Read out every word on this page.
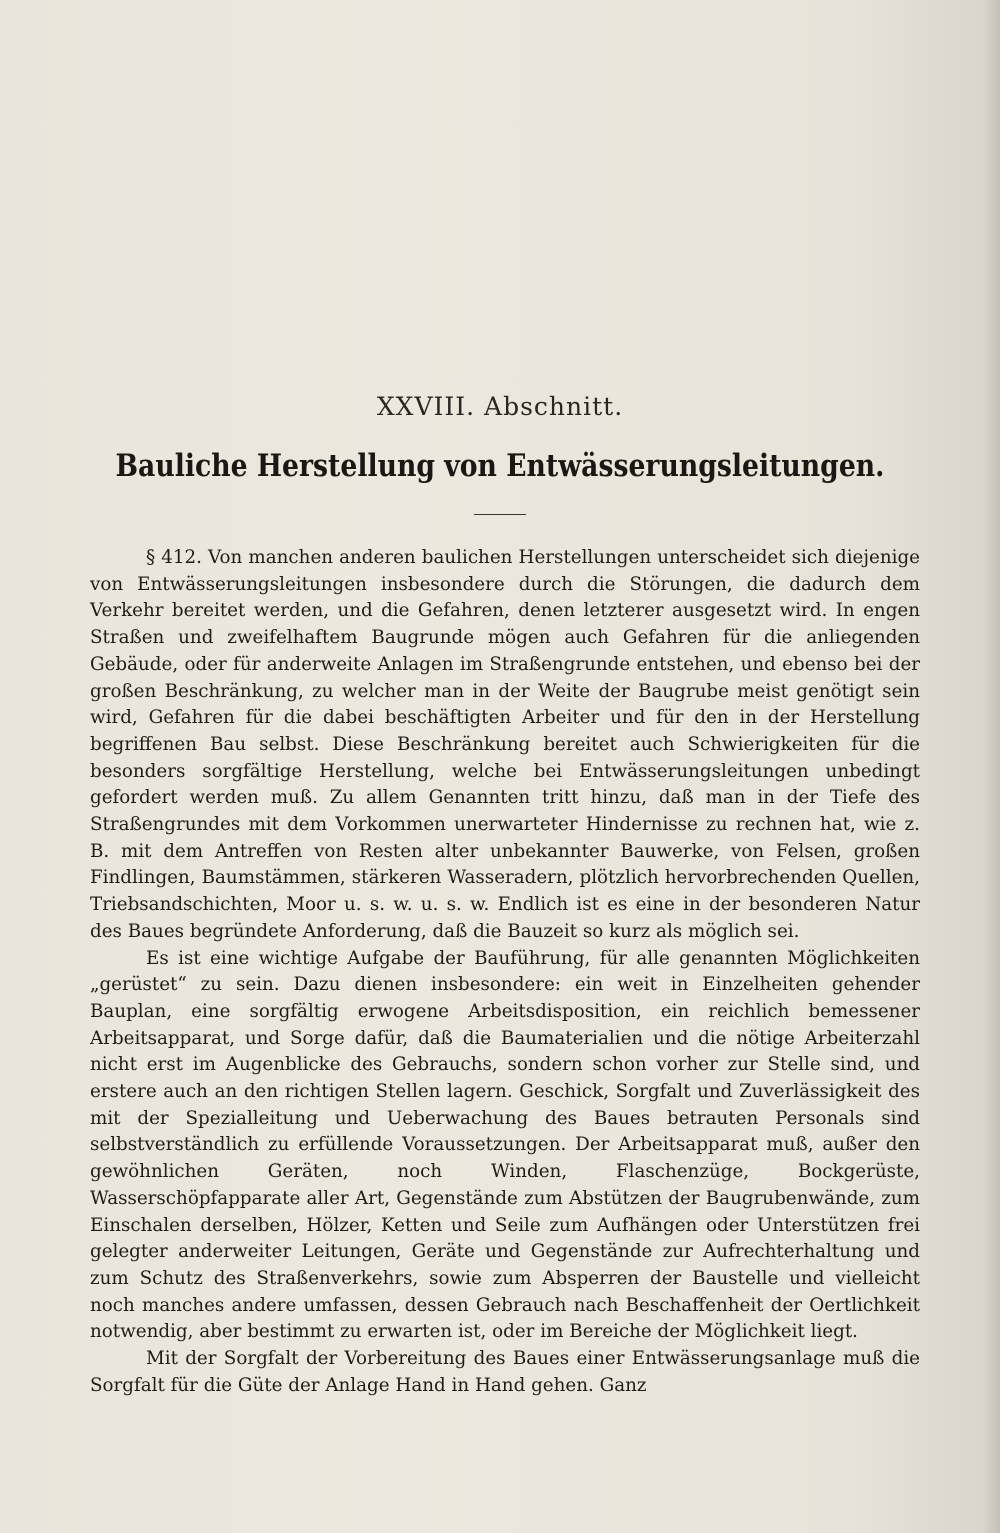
XXVIII. Abschnitt.
Bauliche Herstellung von Entwässerungsleitungen.

§ 412. Von manchen anderen baulichen Herstellungen unterscheidet sich diejenige von Entwässerungsleitungen insbesondere durch die Störungen, die dadurch dem Verkehr bereitet werden, und die Gefahren, denen letzterer ausgesetzt wird. In engen Straßen und zweifelhaftem Baugrunde mögen auch Gefahren für die anliegenden Gebäude, oder für anderweite Anlagen im Straßengrunde entstehen, und ebenso bei der großen Beschränkung, zu welcher man in der Weite der Baugrube meist genötigt sein wird, Gefahren für die dabei beschäftigten Arbeiter und für den in der Herstellung begriffenen Bau selbst. Diese Beschränkung bereitet auch Schwierigkeiten für die besonders sorgfältige Herstellung, welche bei Entwässerungsleitungen unbedingt gefordert werden muß. Zu allem Genannten tritt hinzu, daß man in der Tiefe des Straßengrundes mit dem Vorkommen unerwarteter Hindernisse zu rechnen hat, wie z. B. mit dem Antreffen von Resten alter unbekannter Bauwerke, von Felsen, großen Findlingen, Baumstämmen, stärkeren Wasseradern, plötzlich hervorbrechenden Quellen, Triebsandschichten, Moor u. s. w. u. s. w. Endlich ist es eine in der besonderen Natur des Baues begründete Anforderung, daß die Bauzeit so kurz als möglich sei.

Es ist eine wichtige Aufgabe der Bauführung, für alle genannten Möglichkeiten „gerüstet“ zu sein. Dazu dienen insbesondere: ein weit in Einzelheiten gehender Bauplan, eine sorgfältig erwogene Arbeitsdisposition, ein reichlich bemessener Arbeitsapparat, und Sorge dafür, daß die Baumaterialien und die nötige Arbeiterzahl nicht erst im Augenblicke des Gebrauchs, sondern schon vorher zur Stelle sind, und erstere auch an den richtigen Stellen lagern. Geschick, Sorgfalt und Zuverlässigkeit des mit der Spezialleitung und Ueberwachung des Baues betrauten Personals sind selbstverständlich zu erfüllende Voraussetzungen. Der Arbeitsapparat muß, außer den gewöhnlichen Geräten, noch Winden, Flaschenzüge, Bockgerüste, Wasserschöpfapparate aller Art, Gegenstände zum Abstützen der Baugrubenwände, zum Einschalen derselben, Hölzer, Ketten und Seile zum Aufhängen oder Unterstützen frei gelegter anderweiter Leitungen, Geräte und Gegenstände zur Aufrechterhaltung und zum Schutz des Straßenverkehrs, sowie zum Absperren der Baustelle und vielleicht noch manches andere umfassen, dessen Gebrauch nach Beschaffenheit der Oertlichkeit notwendig, aber bestimmt zu erwarten ist, oder im Bereiche der Möglichkeit liegt.

Mit der Sorgfalt der Vorbereitung des Baues einer Entwässerungsanlage muß die Sorgfalt für die Güte der Anlage Hand in Hand gehen. Ganz
